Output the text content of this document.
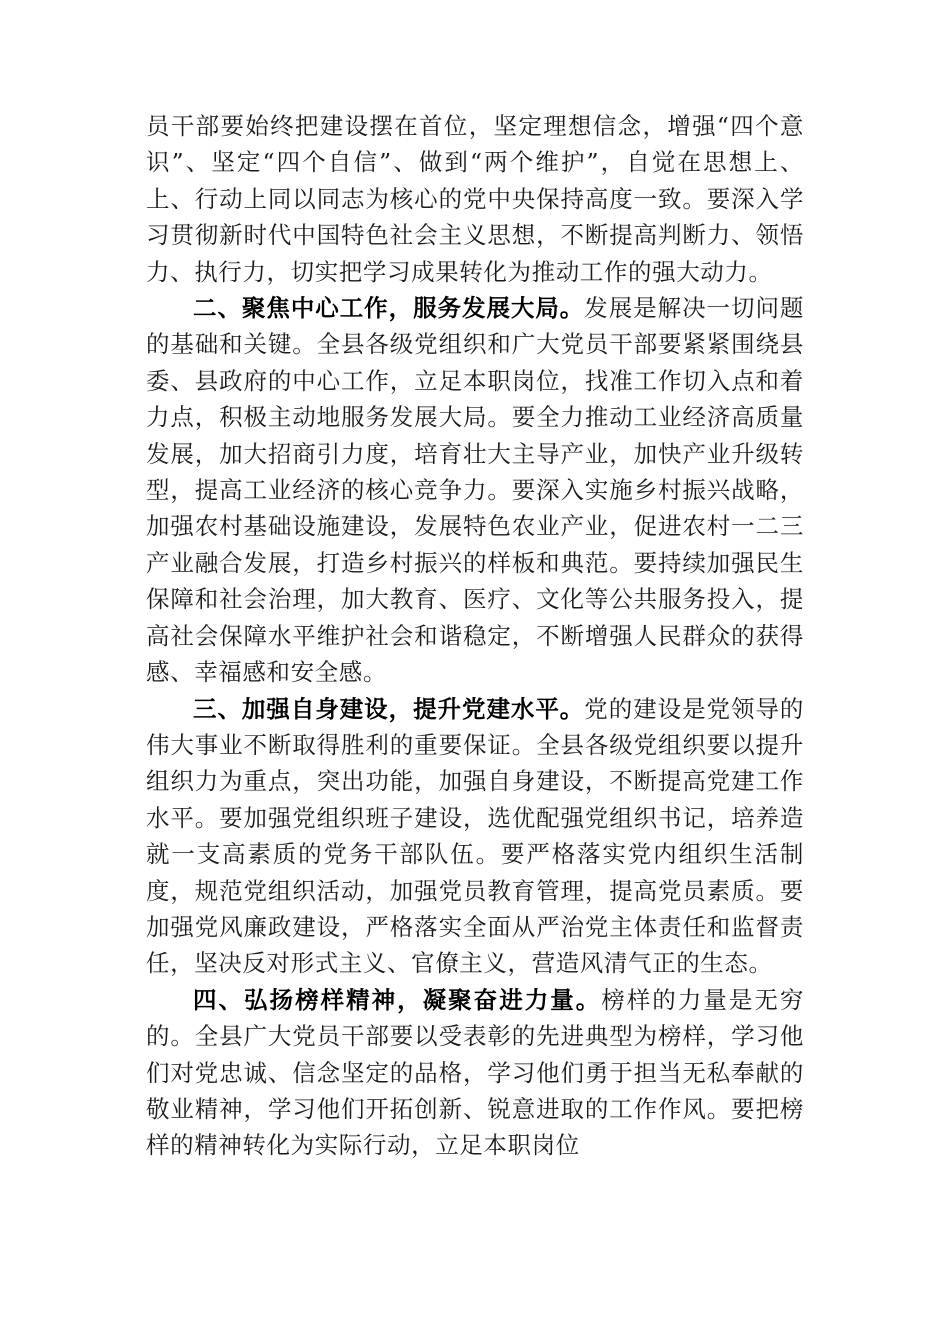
员干部要始终把建设摆在首位，坚定理想信念，增强“四个意识”、坚定“四个自信”、做到“两个维护”，自觉在思想上、上、行动上同以同志为核心的党中央保持高度一致。要深入学习贯彻新时代中国特色社会主义思想，不断提高判断力、领悟力、执行力，切实把学习成果转化为推动工作的强大动力。

二、聚焦中心工作，服务发展大局。发展是解决一切问题的基础和关键。全县各级党组织和广大党员干部要紧紧围绕县委、县政府的中心工作，立足本职岗位，找准工作切入点和着力点，积极主动地服务发展大局。要全力推动工业经济高质量发展，加大招商引力度，培育壮大主导产业，加快产业升级转型，提高工业经济的核心竞争力。要深入实施乡村振兴战略，加强农村基础设施建设，发展特色农业产业，促进农村一二三产业融合发展，打造乡村振兴的样板和典范。要持续加强民生保障和社会治理，加大教育、医疗、文化等公共服务投入，提高社会保障水平维护社会和谐稳定，不断增强人民群众的获得感、幸福感和安全感。

三、加强自身建设，提升党建水平。党的建设是党领导的伟大事业不断取得胜利的重要保证。全县各级党组织要以提升组织力为重点，突出功能，加强自身建设，不断提高党建工作水平。要加强党组织班子建设，选优配强党组织书记，培养造就一支高素质的党务干部队伍。要严格落实党内组织生活制度，规范党组织活动，加强党员教育管理，提高党员素质。要加强党风廉政建设，严格落实全面从严治党主体责任和监督责任，坚决反对形式主义、官僚主义，营造风清气正的生态。

四、弘扬榜样精神，凝聚奋进力量。榜样的力量是无穷的。全县广大党员干部要以受表彰的先进典型为榜样，学习他们对党忠诚、信念坚定的品格，学习他们勇于担当无私奉献的敬业精神，学习他们开拓创新、锐意进取的工作作风。要把榜样的精神转化为实际行动，立足本职岗位
